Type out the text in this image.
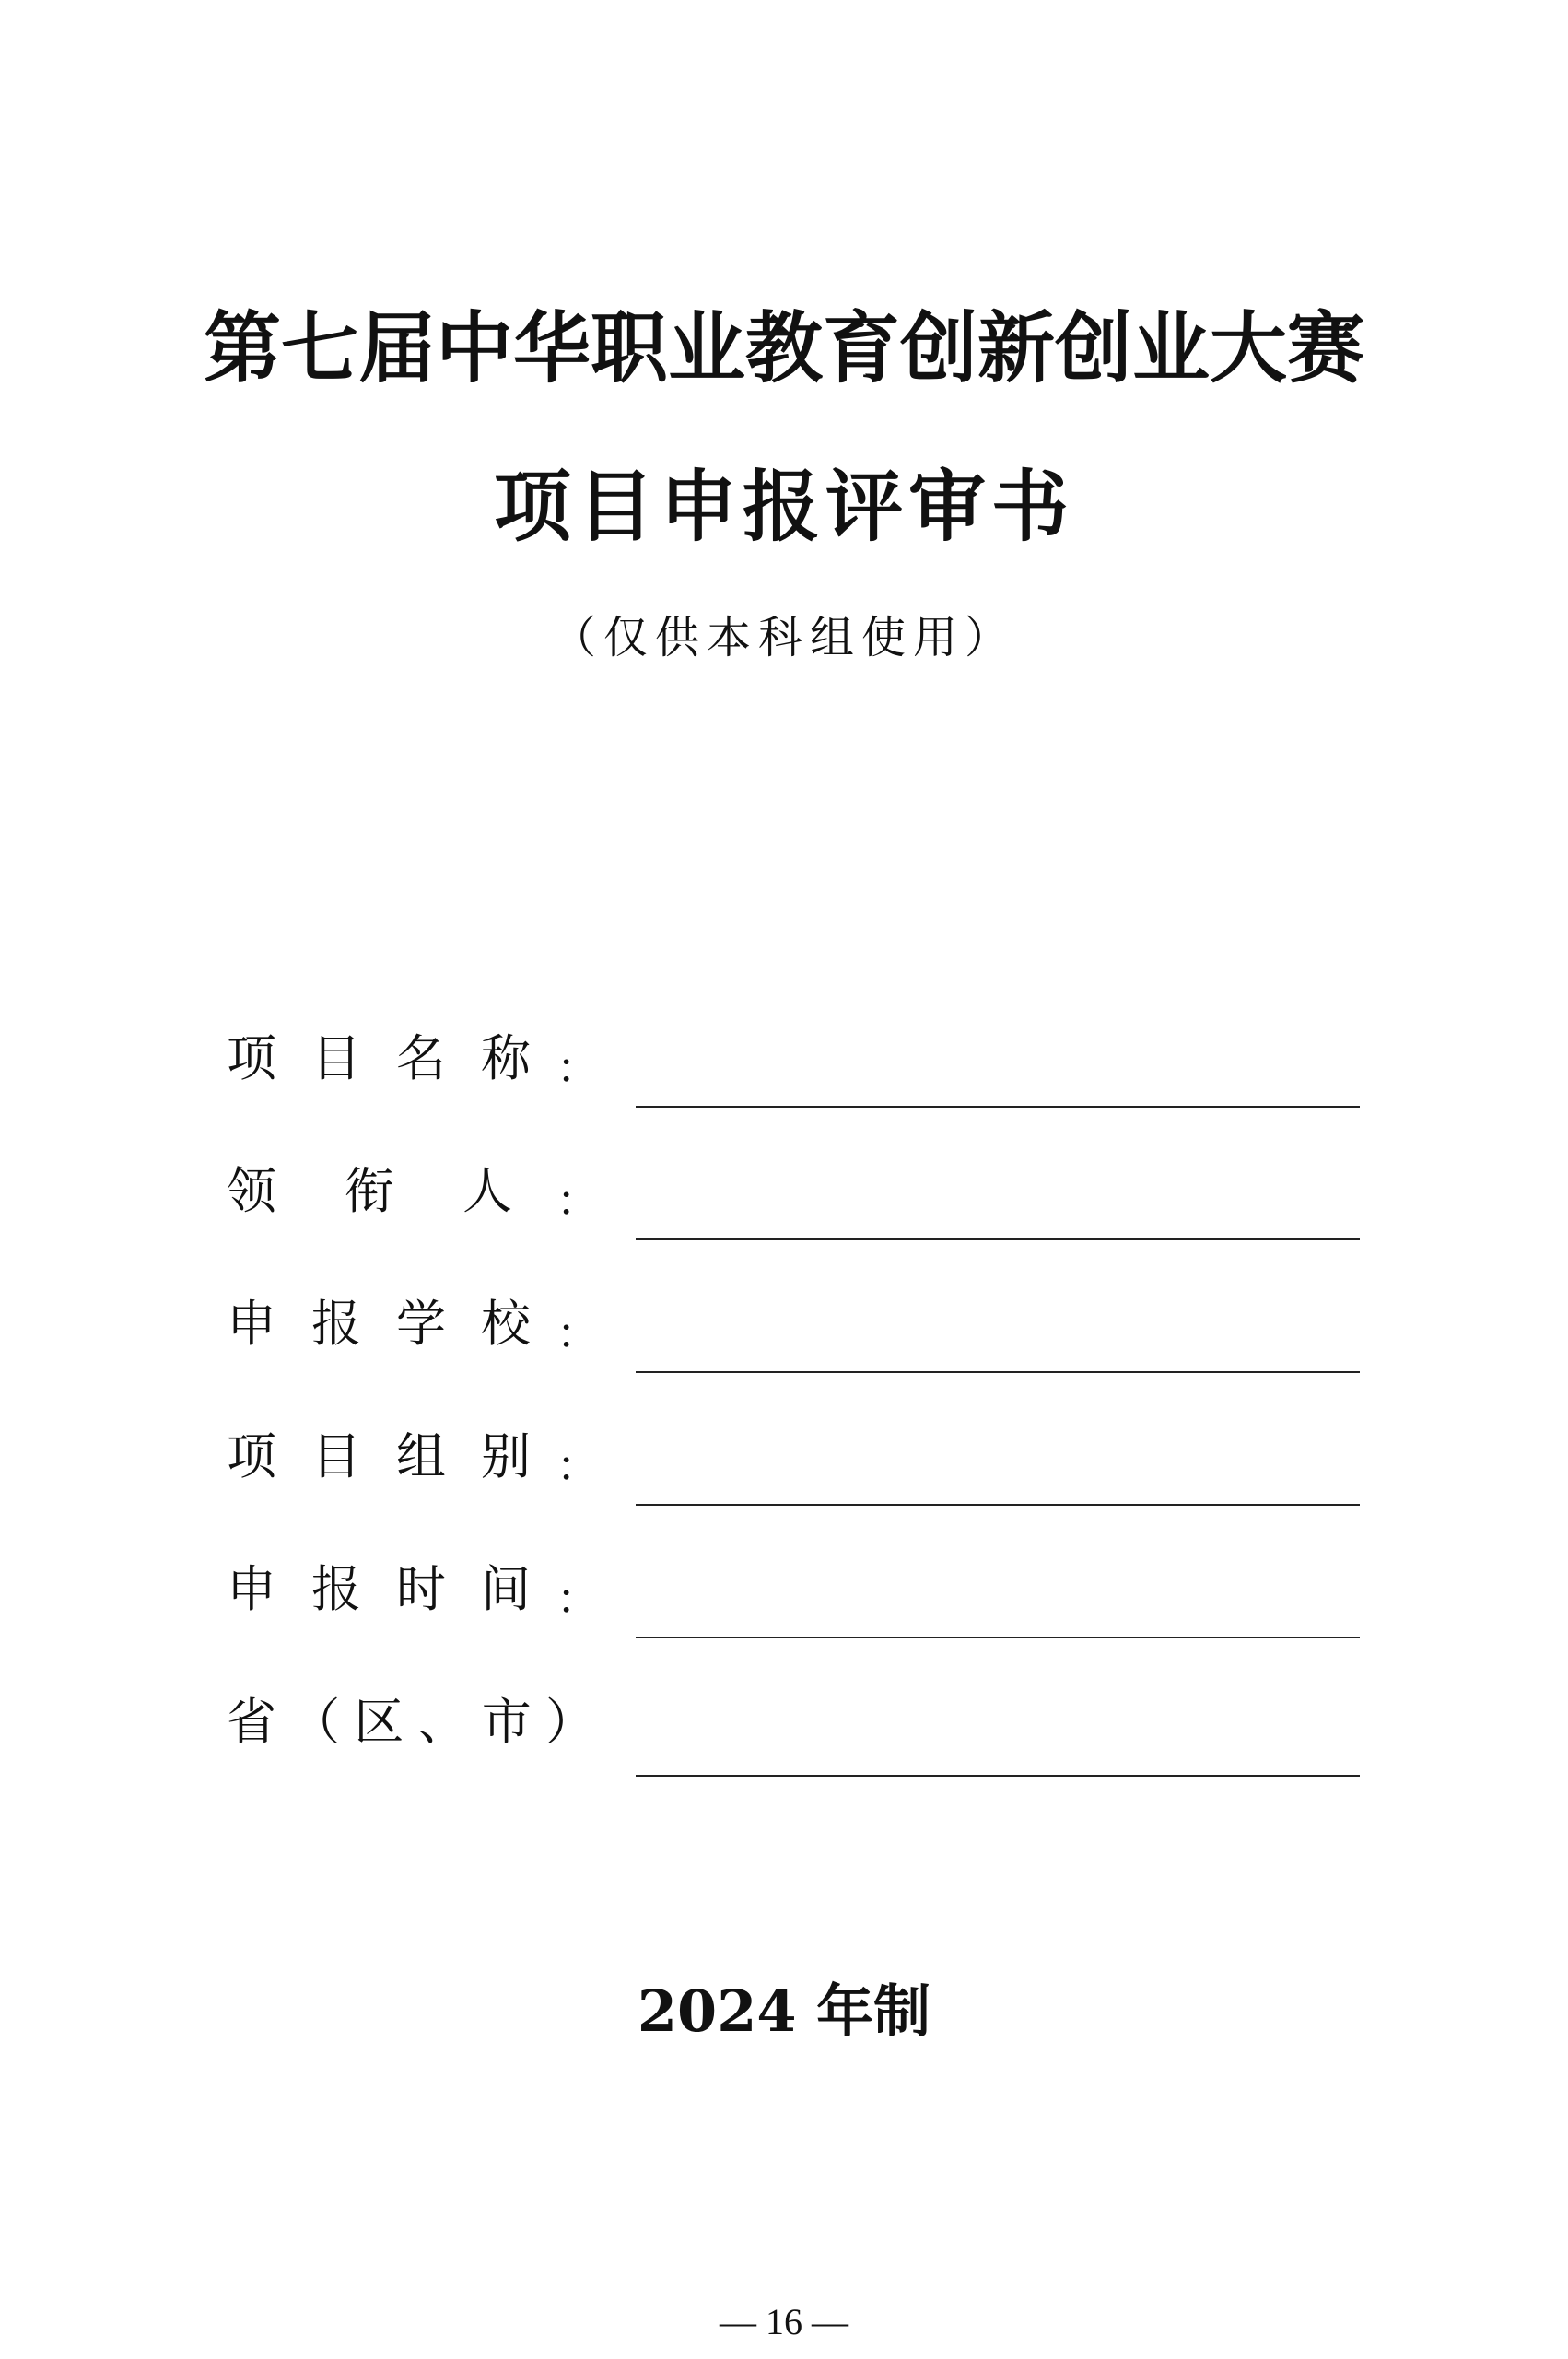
第七届中华职业教育创新创业大赛
项目申报评审书
（仅供本科组使用）
项 目 名 称 ：
领 衔 人 ：
申 报 学 校 ：
项 目 组 别 ：
申 报 时 间 ：
省 （ 区 、 市 ）
2024 年制
— 16 —
